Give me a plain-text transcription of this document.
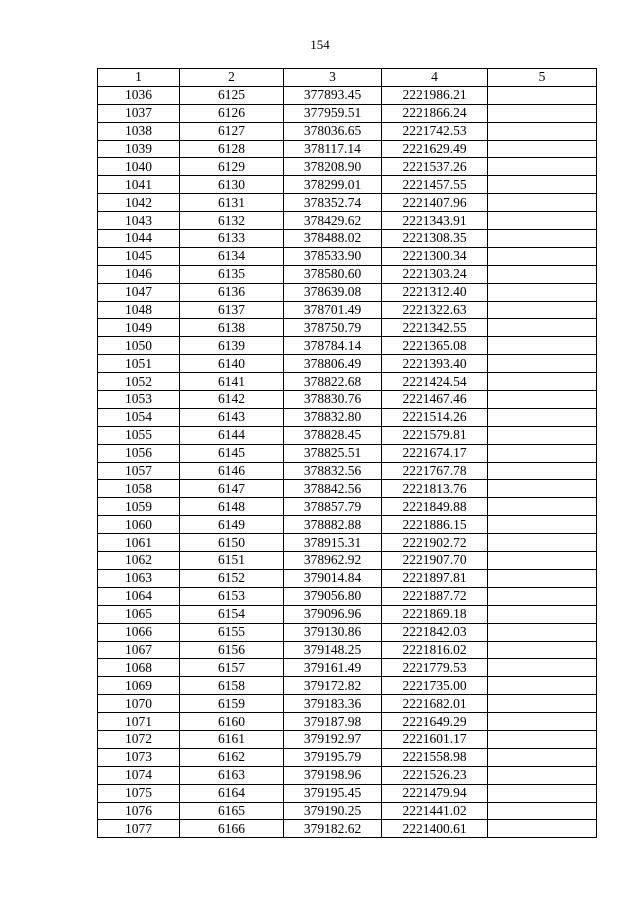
154
1	2	3	4	5
1036	6125	377893.45	2221986.21	
1037	6126	377959.51	2221866.24	
1038	6127	378036.65	2221742.53	
1039	6128	378117.14	2221629.49	
1040	6129	378208.90	2221537.26	
1041	6130	378299.01	2221457.55	
1042	6131	378352.74	2221407.96	
1043	6132	378429.62	2221343.91	
1044	6133	378488.02	2221308.35	
1045	6134	378533.90	2221300.34	
1046	6135	378580.60	2221303.24	
1047	6136	378639.08	2221312.40	
1048	6137	378701.49	2221322.63	
1049	6138	378750.79	2221342.55	
1050	6139	378784.14	2221365.08	
1051	6140	378806.49	2221393.40	
1052	6141	378822.68	2221424.54	
1053	6142	378830.76	2221467.46	
1054	6143	378832.80	2221514.26	
1055	6144	378828.45	2221579.81	
1056	6145	378825.51	2221674.17	
1057	6146	378832.56	2221767.78	
1058	6147	378842.56	2221813.76	
1059	6148	378857.79	2221849.88	
1060	6149	378882.88	2221886.15	
1061	6150	378915.31	2221902.72	
1062	6151	378962.92	2221907.70	
1063	6152	379014.84	2221897.81	
1064	6153	379056.80	2221887.72	
1065	6154	379096.96	2221869.18	
1066	6155	379130.86	2221842.03	
1067	6156	379148.25	2221816.02	
1068	6157	379161.49	2221779.53	
1069	6158	379172.82	2221735.00	
1070	6159	379183.36	2221682.01	
1071	6160	379187.98	2221649.29	
1072	6161	379192.97	2221601.17	
1073	6162	379195.79	2221558.98	
1074	6163	379198.96	2221526.23	
1075	6164	379195.45	2221479.94	
1076	6165	379190.25	2221441.02	
1077	6166	379182.62	2221400.61	
